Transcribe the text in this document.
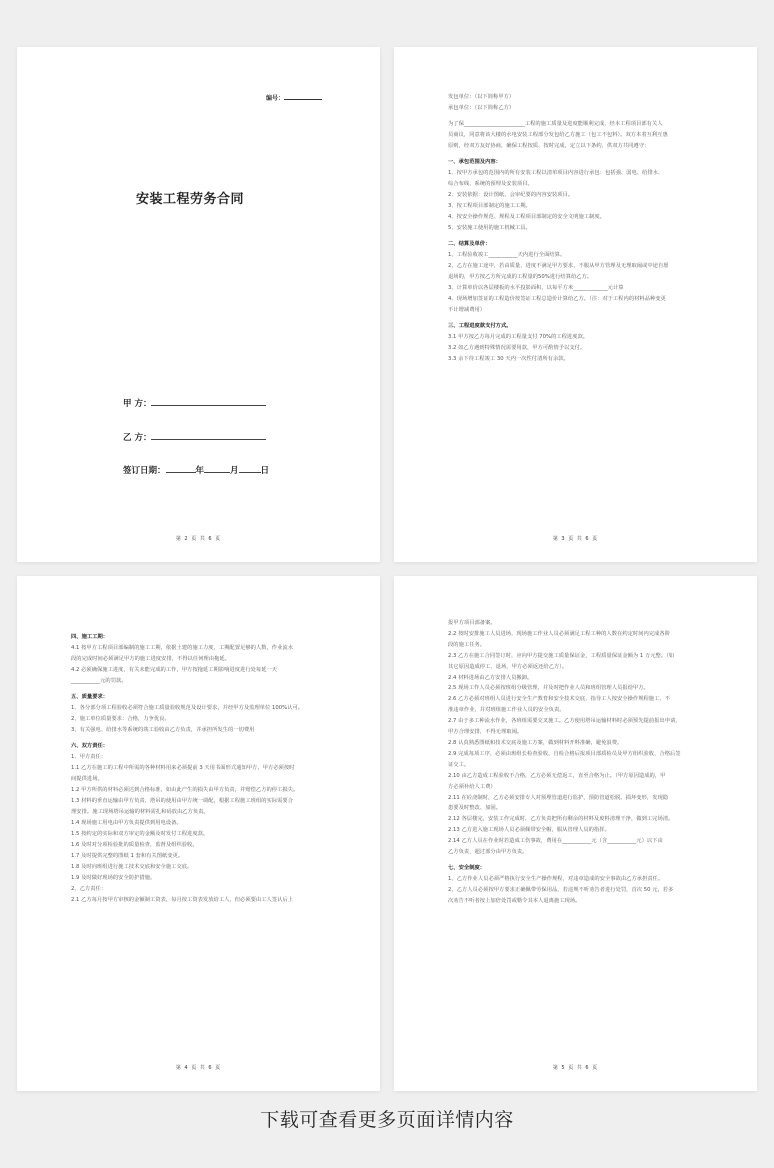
编号：
安装工程劳务合同
甲 方：
乙 方：
签订日期：	年	月	日
第 2 页 共 6 页
发包单位：（以下简称甲方）
承包单位：（以下简称乙方）
为了保_______________________工程的施工质量及进度能顺利完成，经本工程项目部有关人
员商议，同意将该大楼的水电安装工程部分发包给乙方施工（包工不包料）。双方本着互利互惠
原则，经双方友好协商，确保工程按质、按时完成，定立以下条约，供双方共同遵守：
一、承包范围及内容：
1、按甲方承包的范围内的所有安装工程以清单项目内容进行承包：包括强、弱电、给排水、
综合布线、系统的预埋及安装项目。
2、安装依据：设计图纸、会审纪要的内容安装项目。
3、按工程项目部制定的施工工期。
4、按安全操作规范、规程及工程项目部制定的安全文明施工制度。
5、安装施工使用的施工机械工具。
二、结算及单价：
1、工程验收竣工___________天内进行全面结算。
2、乙方在施工途中，若由质量、进度不满足甲方要求，不服从甲方管理及无理取闹或中途自愿
退场的，甲方按乙方所完成的工程量的50%进行结算给乙方。
3、计算单价以各层楼板的水平投影面积，以每平方米_____________元计算
4、现场增加签证的工程造价按签证工程总造价计算给乙方。（注：对于工程内的材料品种变更
不计增减费用）
三、工程进度款支付方式。
3.1 甲方按乙方每月完成的工程量支付 70%的工程进度款。
3.2 如乙方遇到特殊情况需要用款，甲方可酌情予以支付。
3.3 余下待工程竣工 30 天内一次性付清所有余款。
第 3 页 共 6 页
四、施工工期：
4.1 按甲方工程项目部编制的施工工期，依据土建的施工力度，工期配置足够的人数，作业流水
段的完成时间必须满足甲方的施工进度安排，不得以任何理由拖延。
4.2 必须确保施工进度，有关未能完成的工作，甲方按拖延工期影响进度进行处每延一天
___________元的罚款。
五、质量要求：
1、各分部分项工程验收必须符合施工质量验收规范及设计要求，并经甲方及监理单位 100%认可。
2、施工单位质量要求：合格，力争优良。
3、有关强电、给排水等系统的竣工验收由乙方负责，并承担所发生的一切费用
六、双方责任：
1、甲方责任：
1.1 乙方在施工的工程中所需的各种材料用来必须提前 3 天用书面形式通知甲方，甲方必须按时
间提供进场。
1.2 甲方所供的材料必须达到合格标准，如由此产生的损失由甲方负责，并赔偿乙方的停工损失。
1.3 材料的垂直运输由甲方负责，塔吊的使用由甲方统一调配，根据工程施工班组的实际需要合
理安排。施工现场塔吊运输的材料需扎和码放由乙方负责。
1.4 现场施工用电由甲方负责提供到用电设备。
1.5 按约定的实际和双方审定的金额及时发付工程进度款。
1.6 及时对分项检验批的质量检查，监督及组织验收。
1.7 及时提供完整的图纸 1 套和有关图纸变更。
1.8 及时向班组进行施工技术交底和安全施工交底。
1.9 及时做好现场的安全防护措施。
2、乙方责任：
2.1 乙方每月按甲方审核的金额制工资表，每月按工资表发放给工人，但必须要由工人签认后上
第 4 页 共 6 页
报甲方项目部备案。
2.2 按时安排施工人员进场，现场施工作业人员必须满足工程工种的人数在约定时间内完成各阶
段的施工任务。
2.3 乙方在施工合同签订时，应向甲方提交施工质量保证金，工程质量保证金额为 1 万元整。（如
其它原因造成停工、退场，甲方必须返还给乙方）。
2.4 材料进场由乙方安排人员搬卸。
2.5 现场工作人员必须按班组分级管理，并及时把作业人员和班组管理人员报给甲方。
2.6 乙方必须对班组人员进行安全生产教育和安全技术交底，指导工人按安全操作规程施工，不
准违章作业，并对班组施工作业人员的安全负责。
2.7 由于多工种流水作业，各班组需要交叉施工。乙方使用塔吊运输材料时必须预先提前报出申请，
甲方合理安排，不得无理取闹。
2.8 认真熟悉图纸和技术交底及施工方案，做到材料开料准确，避免浪费。
2.9 完成每项工序，必须由班组长检查验收，自检合格后报项目部质检员及甲方组织验收，合格后签
证交工。
2.10 由乙方造成工程验收不合格，乙方必须无偿返工，直至合格为止。（甲方原因造成的，甲
方必须补给人工费）
2.11 在砼浇制时，乙方必须安排专人对预埋管道进行监护，预防管道松脱、损坏变形，发现隐
患要及时整改、加固。
2.12 各层楼完，安装工作完成时，乙方负责把所有剩余的材料及废料清理干净，做到工完场清。
2.13 乙方进入施工现场人员必须佩带安全帽，服从管理人员的指挥。
2.14 乙方人员在作业时若造成工伤事故，费用在___________元（含___________元）以下由
乙方负责，超过部分由甲方负责。
七、安全制度：
1、乙方作业人员必须严格执行安全生产操作规程，对违章造成的安全事故由乙方承担责任。
2、乙方人员必须按甲方要求正确佩带劳保用品，若违规不听劝告者进行处罚，首次 50 元，若多
次劝告不听者按上加倍处罚或勒令其本人退离施工现场。
第 5 页 共 6 页
下载可查看更多页面详情内容
